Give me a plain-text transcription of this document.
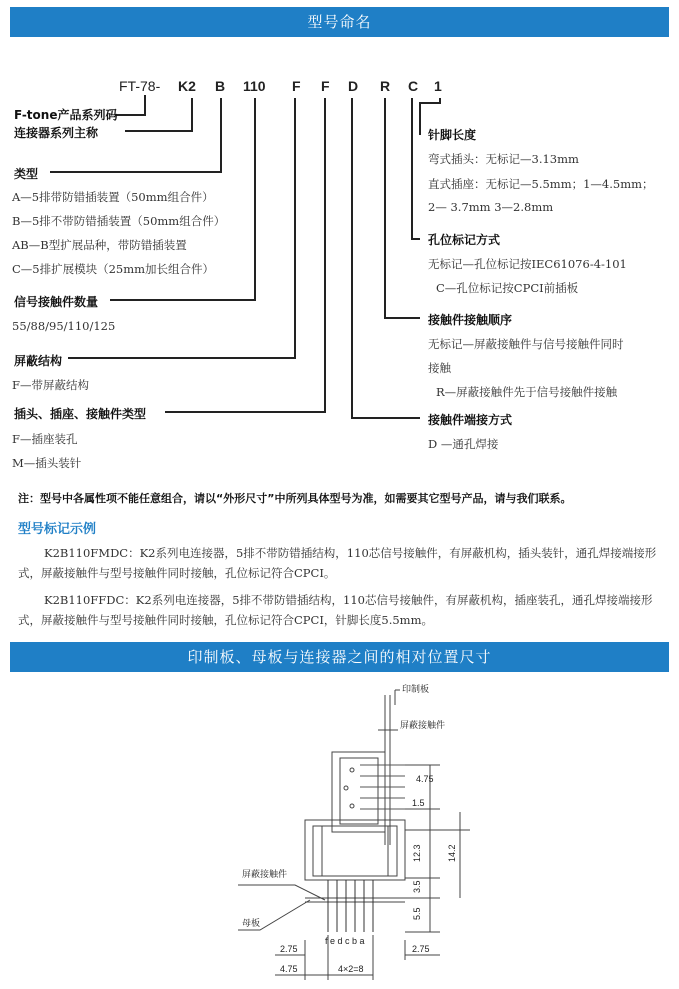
型号命名
FT-78- K2 B 110 F F D R C 1
F-tone产品系列码
连接器系列主称
类型
A—5排带防错插装置（50mm组合件）
B—5排不带防错插装置（50mm组合件）
AB—B型扩展品种，带防错插装置
C—5排扩展模块（25mm加长组合件）
信号接触件数量
55/88/95/110/125
屏蔽结构
F—带屏蔽结构
插头、插座、接触件类型
F—插座装孔
M—插头装针
针脚长度
弯式插头：无标记—3.13mm
直式插座：无标记—5.5mm；1—4.5mm；
2— 3.7mm 3—2.8mm
孔位标记方式
无标记—孔位标记按IEC61076-4-101
C—孔位标记按CPCI前插板
接触件接触顺序
无标记—屏蔽接触件与信号接触件同时
接触
R—屏蔽接触件先于信号接触件接触
接触件端接方式
D —通孔焊接
注：型号中各属性项不能任意组合，请以“外形尺寸”中所列具体型号为准，如需要其它型号产品，请与我们联系。
型号标记示例
K2B110FMDC：K2系列电连接器，5排不带防错插结构，110芯信号接触件，有屏蔽机构，插头装针，通孔焊接端接形式，屏蔽接触件与型号接触件同时接触，孔位标记符合CPCI。
K2B110FFDC：K2系列电连接器，5排不带防错插结构，110芯信号接触件，有屏蔽机构，插座装孔，通孔焊接端接形式，屏蔽接触件与型号接触件同时接触，孔位标记符合CPCI，针脚长度5.5mm。
印制板、母板与连接器之间的相对位置尺寸
印制板
屏蔽接触件
屏蔽接触件
母板
f e d c b a
4.75
1.5
12.3	14.2
3.5
5.5
2.75	2.75
4.75	4×2=8
